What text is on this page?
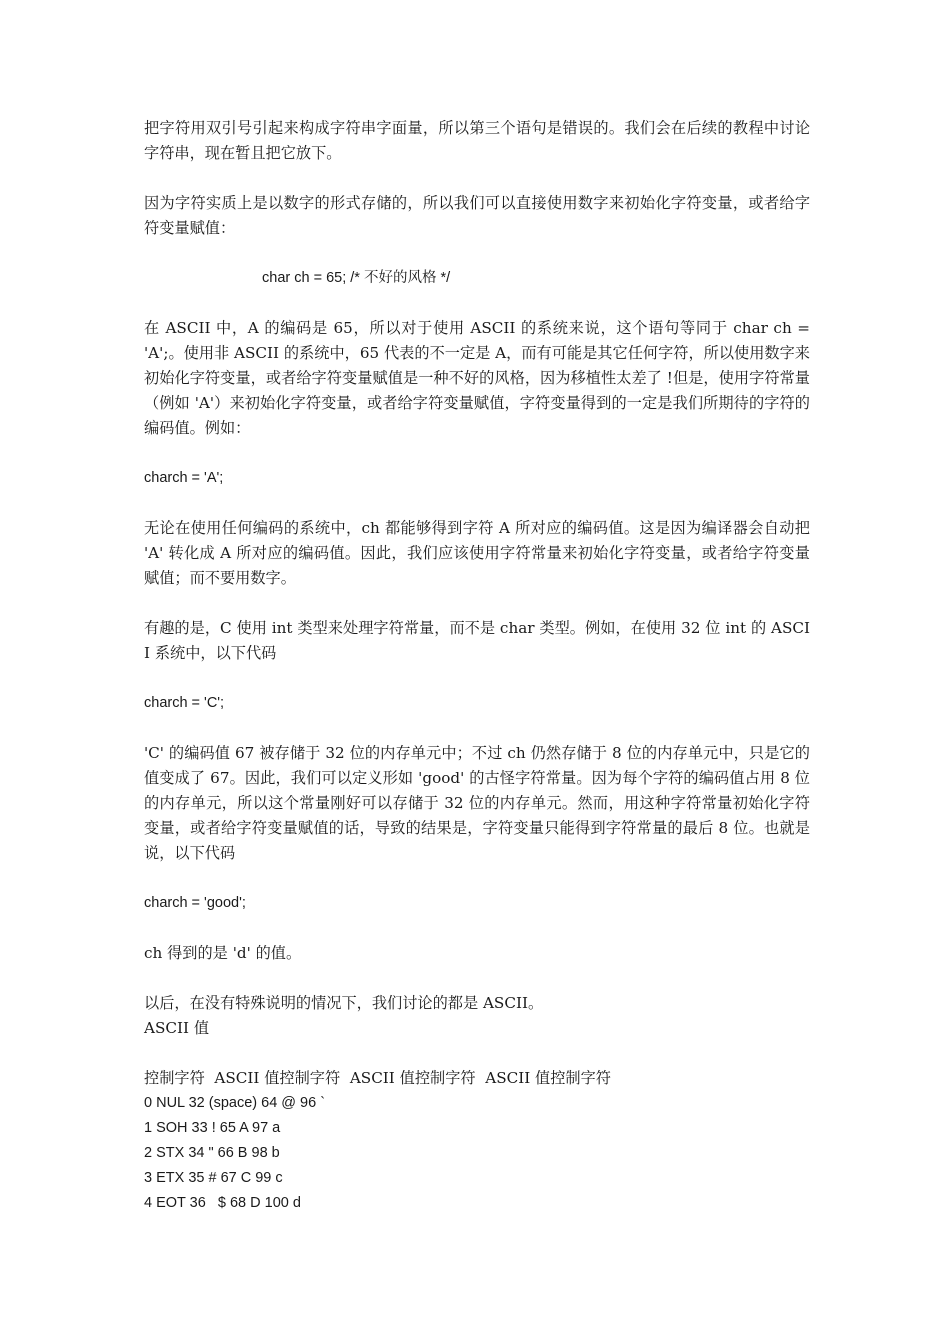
把字符用双引号引起来构成字符串字面量，所以第三个语句是错误的。我们会在后续的教程中讨论字符串，现在暂且把它放下。

因为字符实质上是以数字的形式存储的，所以我们可以直接使用数字来初始化字符变量，或者给字符变量赋值：

char ch = 65; /* 不好的风格 */

在 ASCII 中，A 的编码是 65，所以对于使用 ASCII 的系统来说，这个语句等同于 char ch = 'A';。使用非 ASCII 的系统中，65 代表的不一定是 A，而有可能是其它任何字符，所以使用数字来初始化字符变量，或者给字符变量赋值是一种不好的风格，因为移植性太差了 !但是，使用字符常量（例如 'A'）来初始化字符变量，或者给字符变量赋值，字符变量得到的一定是我们所期待的字符的编码值。例如：

charch = 'A';

无论在使用任何编码的系统中，ch 都能够得到字符 A 所对应的编码值。这是因为编译器会自动把 'A' 转化成 A 所对应的编码值。因此，我们应该使用字符常量来初始化字符变量，或者给字符变量赋值；而不要用数字。

有趣的是，C 使用 int 类型来处理字符常量，而不是 char 类型。例如，在使用 32 位 int 的 ASCII 系统中，以下代码

charch = 'C';

'C' 的编码值 67 被存储于 32 位的内存单元中；不过 ch 仍然存储于 8 位的内存单元中，只是它的值变成了 67。因此，我们可以定义形如 'good' 的古怪字符常量。因为每个字符的编码值占用 8 位的内存单元，所以这个常量刚好可以存储于 32 位的内存单元。然而，用这种字符常量初始化字符变量，或者给字符变量赋值的话，导致的结果是，字符变量只能得到字符常量的最后 8 位。也就是说，以下代码

charch = 'good';

ch 得到的是 'd' 的值。

以后，在没有特殊说明的情况下，我们讨论的都是 ASCII。

ASCII 值

控制字符  ASCII 值控制字符  ASCII 值控制字符  ASCII 值控制字符

0 NUL 32 (space) 64 @ 96 `

1 SOH 33 ! 65 A 97 a

2 STX 34 " 66 B 98 b

3 ETX 35 # 67 C 99 c

4 EOT 36   $ 68 D 100 d
